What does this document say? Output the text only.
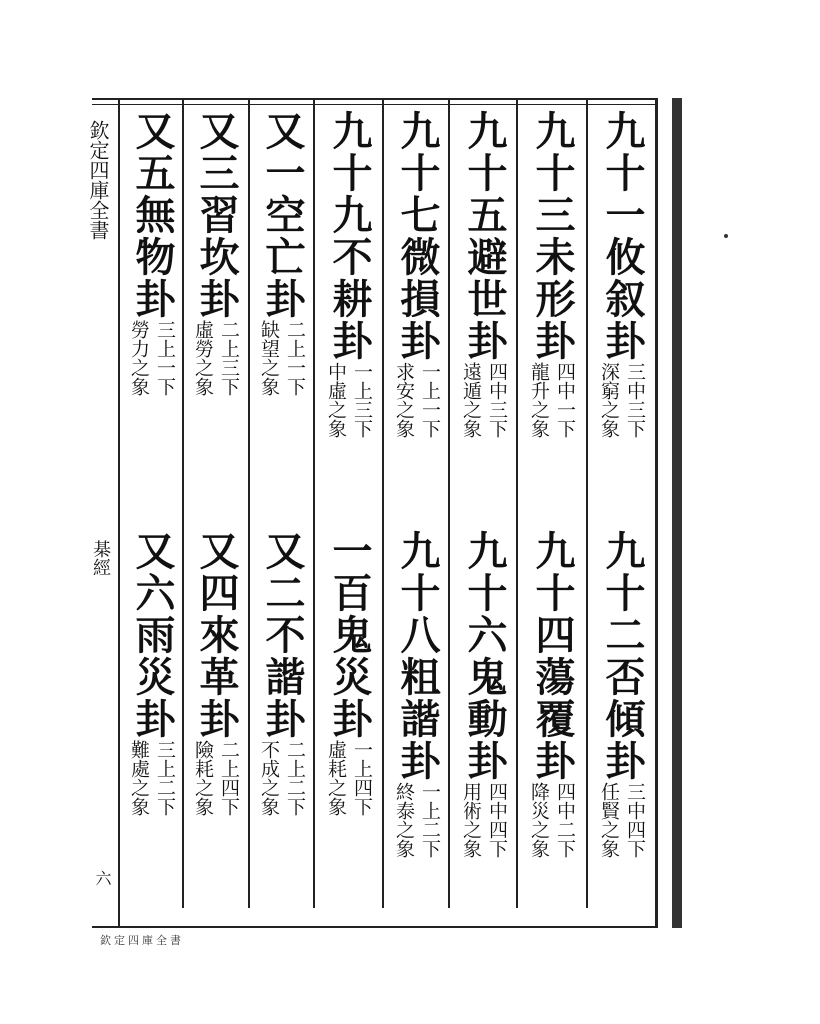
欽定四庫全書
棊經
六
九十一攸叙卦
三中三下
深窮之象
九十三未形卦
四中一下
龍升之象
九十五避世卦
四中三下
遠遁之象
九十七微損卦
一上一下
求安之象
九十九不耕卦
一上三下
中虛之象
又一空亡卦
二上一下
缺望之象
又三習坎卦
二上三下
虛勞之象
又五無物卦
三上一下
勞力之象
九十二否傾卦
三中四下
任賢之象
九十四蕩覆卦
四中二下
降災之象
九十六鬼動卦
四中四下
用術之象
九十八粗諧卦
一上二下
終泰之象
一百鬼災卦
一上四下
虛耗之象
又二不諧卦
二上二下
不成之象
又四來革卦
二上四下
險耗之象
又六雨災卦
三上二下
難處之象
欽定四庫全書
